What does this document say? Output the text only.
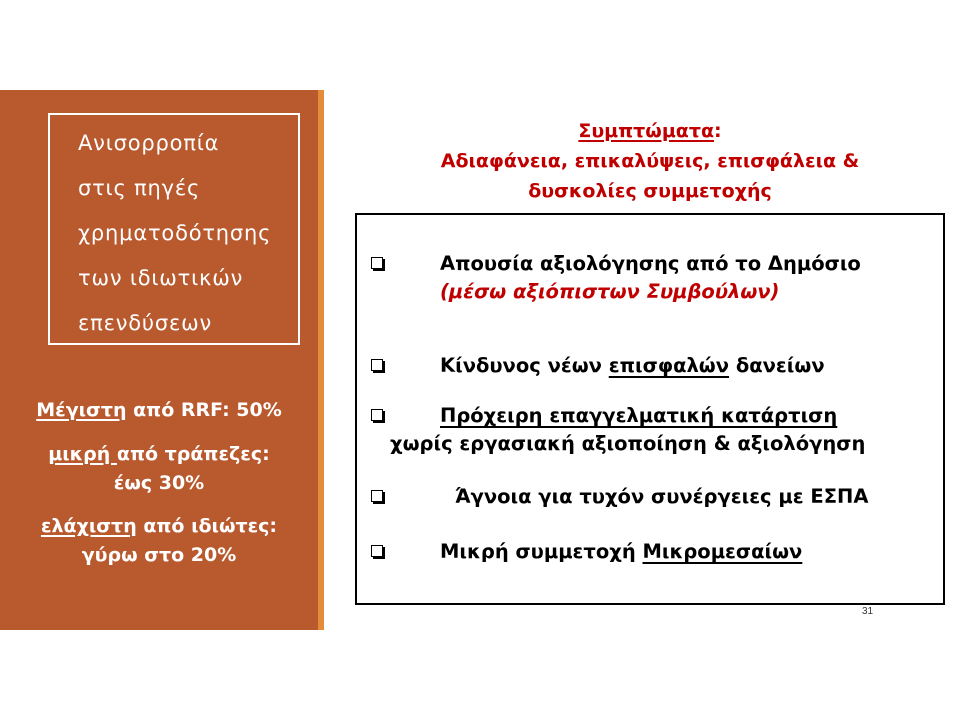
Ανισορροπία
στις πηγές
χρηματοδότησης
των ιδιωτικών
επενδύσεων
Μέγιστη από RRF: 50%
μικρή από τράπεζες:
έως 30%
ελάχιστη από ιδιώτες:
γύρω στο 20%
Συμπτώματα:
Αδιαφάνεια, επικαλύψεις, επισφάλεια &
δυσκολίες συμμετοχής
Απουσία αξιολόγησης από το Δημόσιο
(μέσω αξιόπιστων Συμβούλων)
Κίνδυνος νέων επισφαλών δανείων
Πρόχειρη επαγγελματική κατάρτιση
χωρίς εργασιακή αξιοποίηση & αξιολόγηση
Άγνοια για τυχόν συνέργειες με ΕΣΠΑ
Μικρή συμμετοχή Μικρομεσαίων
31
